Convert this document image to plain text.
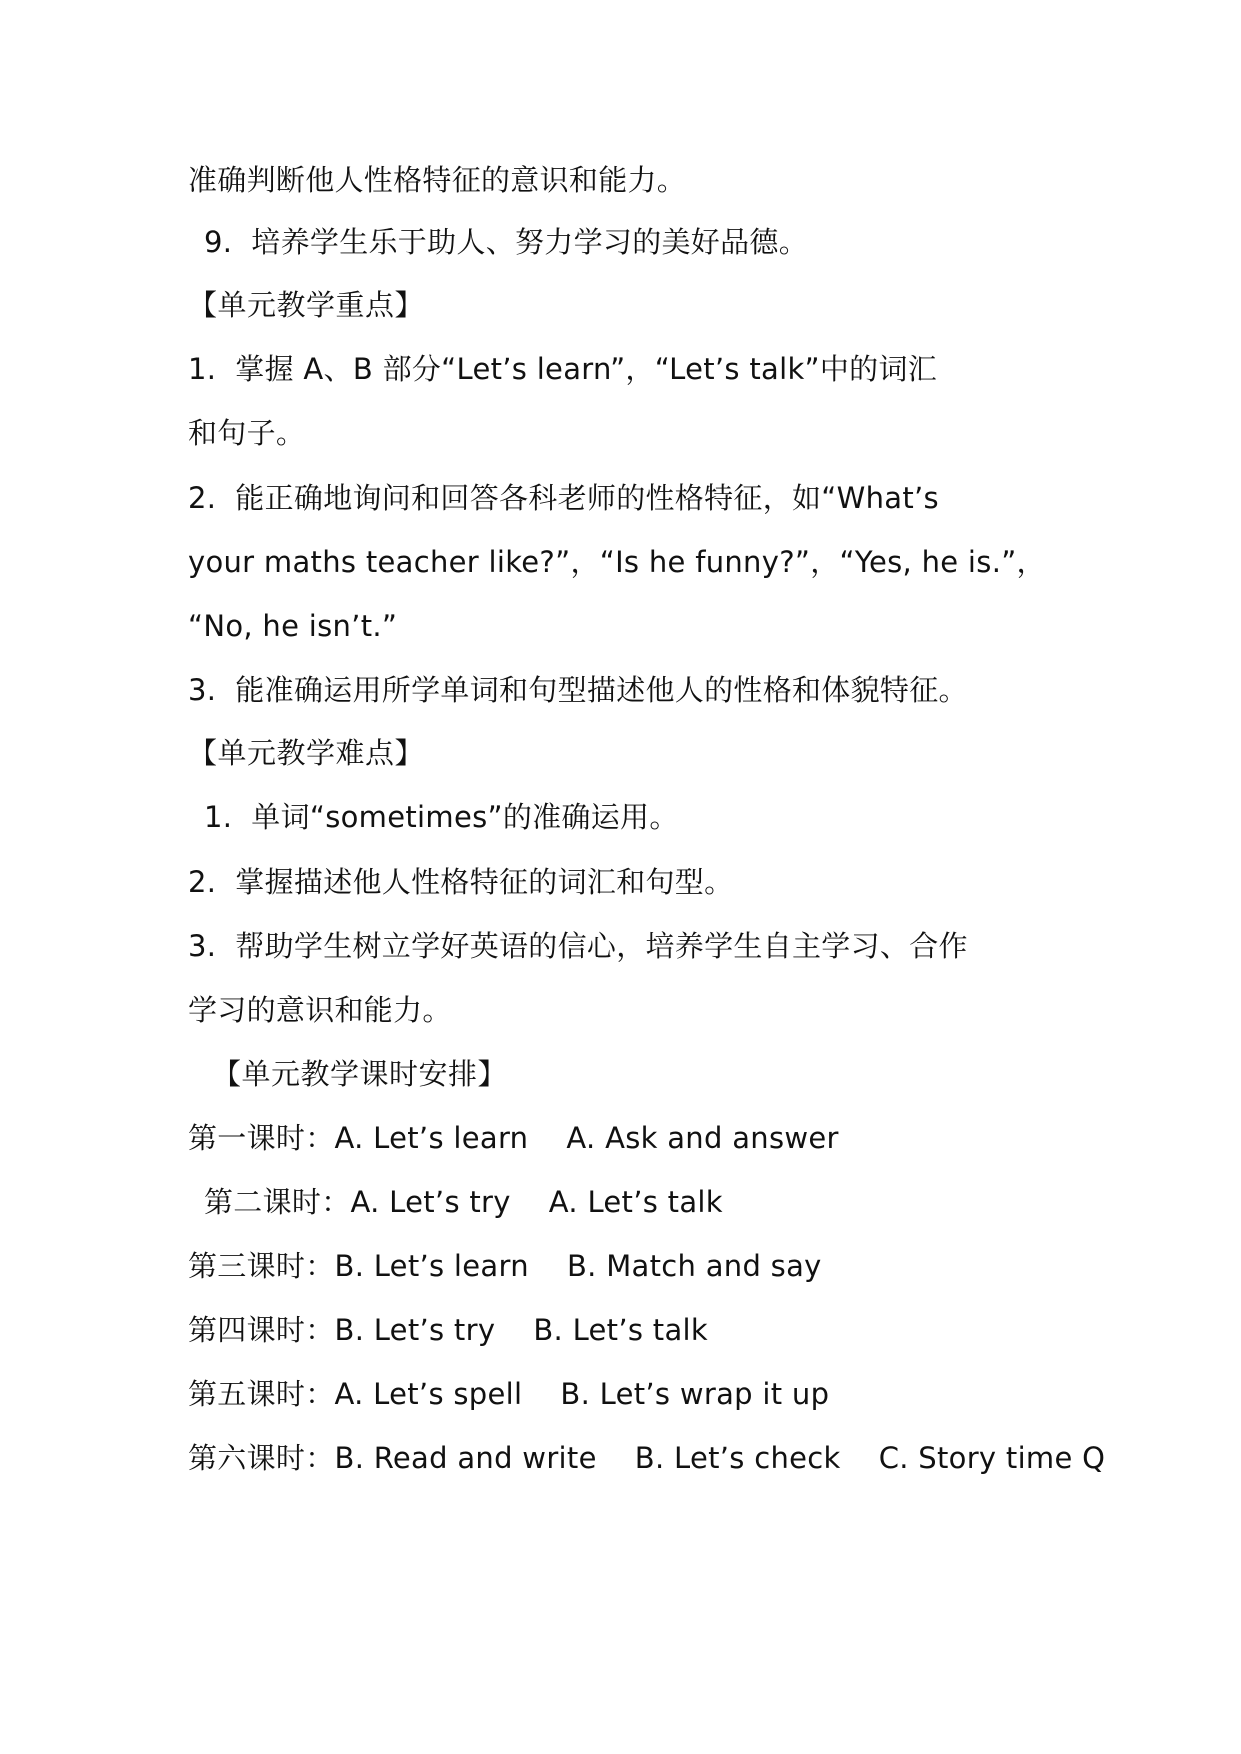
准确判断他人性格特征的意识和能力。
9.  培养学生乐于助人、努力学习的美好品德。
【单元教学重点】
1.  掌握 A、B 部分“Let’s learn”，“Let’s talk”中的词汇
和句子。
2.  能正确地询问和回答各科老师的性格特征，如“What’s
your maths teacher like?”，“Is he funny?”，“Yes, he is.”，
“No, he isn’t.”
3.  能准确运用所学单词和句型描述他人的性格和体貌特征。
【单元教学难点】
1.  单词“sometimes”的准确运用。
2.  掌握描述他人性格特征的词汇和句型。
3.  帮助学生树立学好英语的信心，培养学生自主学习、合作
学习的意识和能力。
【单元教学课时安排】
第一课时：A. Let’s learn    A. Ask and answer
第二课时：A. Let’s try    A. Let’s talk
第三课时：B. Let’s learn    B. Match and say
第四课时：B. Let’s try    B. Let’s talk
第五课时：A. Let’s spell    B. Let’s wrap it up
第六课时：B. Read and write    B. Let’s check    C. Story time Q
